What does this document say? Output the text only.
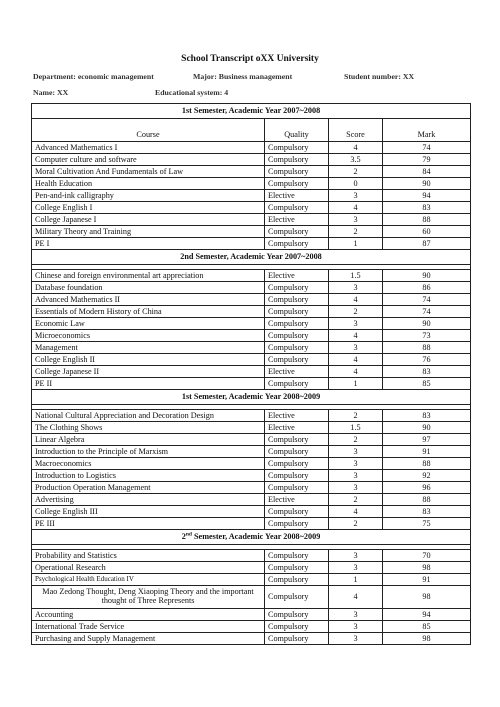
School Transcript oXX University
Department: economic management	Major: Business management	Student number: XX
Name: XX	Educational system: 4
1st Semester, Academic Year 2007~2008			
Course	Quality	Score	Mark
Advanced Mathematics I	Compulsory	4	74
Computer culture and software	Compulsory	3.5	79
Moral Cultivation And Fundamentals of Law	Compulsory	2	84
Health Education	Compulsory	0	90
Pen-and-ink calligraphy	Elective	3	94
College English I	Compulsory	4	83
College Japanese I	Elective	3	88
Military Theory and Training	Compulsory	2	60
PE I	Compulsory	1	87
2nd Semester, Academic Year 2007~2008			

Chinese and foreign environmental art appreciation	Elective	1.5	90
Database foundation	Compulsory	3	86
Advanced Mathematics II	Compulsory	4	74
Essentials of Modern History of China	Compulsory	2	74
Economic Law	Compulsory	3	90
Microeconomics	Compulsory	4	73
Management	Compulsory	3	88
College English II	Compulsory	4	76
College Japanese II	Elective	4	83
PE II	Compulsory	1	85
1st Semester, Academic Year 2008~2009			

National Cultural Appreciation and Decoration Design	Elective	2	83
The Clothing Shows	Elective	1.5	90
Linear Algebra	Compulsory	2	97
Introduction to the Principle of Marxism	Compulsory	3	91
Macroeconomics	Compulsory	3	88
Introduction to Logistics	Compulsory	3	92
Production Operation Management	Compulsory	3	96
Advertising	Elective	2	88
College English III	Compulsory	4	83
PE III	Compulsory	2	75
2nd Semester, Academic Year 2008~2009			

Probability and Statistics	Compulsory	3	70
Operational Research	Compulsory	3	98
Psychological Health Education IV	Compulsory	1	91
Mao Zedong Thought, Deng Xiaoping Theory and the important thought of Three Represents	Compulsory	4	98
Accounting	Compulsory	3	94
International Trade Service	Compulsory	3	85
Purchasing and Supply Management	Compulsory	3	98
